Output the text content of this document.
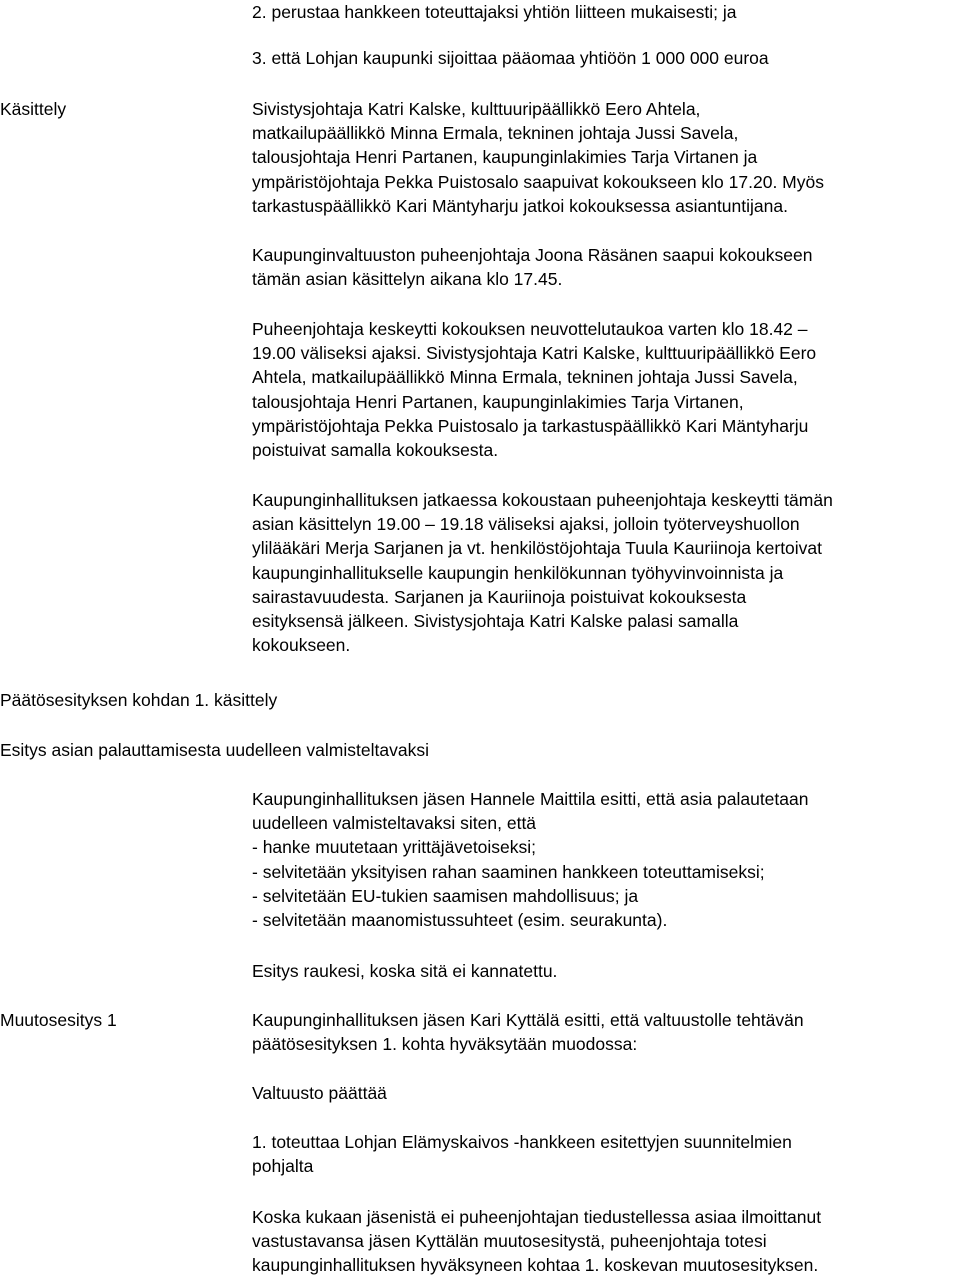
2. perustaa hankkeen toteuttajaksi yhtiön liitteen mukaisesti; ja

3. että Lohjan kaupunki sijoittaa pääomaa yhtiöön 1 000 000 euroa

Käsittely	Sivistysjohtaja Katri Kalske, kulttuuripäällikkö Eero Ahtela,
matkailupäällikkö Minna Ermala, tekninen johtaja Jussi Savela,
talousjohtaja Henri Partanen, kaupunginlakimies Tarja Virtanen ja
ympäristöjohtaja Pekka Puistosalo saapuivat kokoukseen klo 17.20. Myös
tarkastuspäällikkö Kari Mäntyharju jatkoi kokouksessa asiantuntijana.
Kaupunginvaltuuston puheenjohtaja Joona Räsänen saapui kokoukseen
tämän asian käsittelyn aikana klo 17.45.
Puheenjohtaja keskeytti kokouksen neuvottelutaukoa varten klo 18.42 –
19.00 väliseksi ajaksi. Sivistysjohtaja Katri Kalske, kulttuuripäällikkö Eero
Ahtela, matkailupäällikkö Minna Ermala, tekninen johtaja Jussi Savela,
talousjohtaja Henri Partanen, kaupunginlakimies Tarja Virtanen,
ympäristöjohtaja Pekka Puistosalo ja tarkastuspäällikkö Kari Mäntyharju
poistuivat samalla kokouksesta.
Kaupunginhallituksen jatkaessa kokoustaan puheenjohtaja keskeytti tämän
asian käsittelyn 19.00 – 19.18 väliseksi ajaksi, jolloin työterveyshuollon
ylilääkäri Merja Sarjanen ja vt. henkilöstöjohtaja Tuula Kauriinoja kertoivat
kaupunginhallitukselle kaupungin henkilökunnan työhyvinvoinnista ja
sairastavuudesta. Sarjanen ja Kauriinoja poistuivat kokouksesta
esityksensä jälkeen. Sivistysjohtaja Katri Kalske palasi samalla
kokoukseen.

Päätösesityksen kohdan 1. käsittely

Esitys asian palauttamisesta uudelleen valmisteltavaksi

Kaupunginhallituksen jäsen Hannele Maittila esitti, että asia palautetaan
uudelleen valmisteltavaksi siten, että
- hanke muutetaan yrittäjävetoiseksi;
- selvitetään yksityisen rahan saaminen hankkeen toteuttamiseksi;
- selvitetään EU-tukien saamisen mahdollisuus; ja
- selvitetään maanomistussuhteet (esim. seurakunta).

Esitys raukesi, koska sitä ei kannatettu.

Muutosesitys 1	Kaupunginhallituksen jäsen Kari Kyttälä esitti, että valtuustolle tehtävän
päätösesityksen 1. kohta hyväksytään muodossa:

Valtuusto päättää

1. toteuttaa Lohjan Elämyskaivos -hankkeen esitettyjen suunnitelmien
pohjalta
Koska kukaan jäsenistä ei puheenjohtajan tiedustellessa asiaa ilmoittanut
vastustavansa jäsen Kyttälän muutosesitystä, puheenjohtaja totesi
kaupunginhallituksen hyväksyneen kohtaa 1. koskevan muutosesityksen.
